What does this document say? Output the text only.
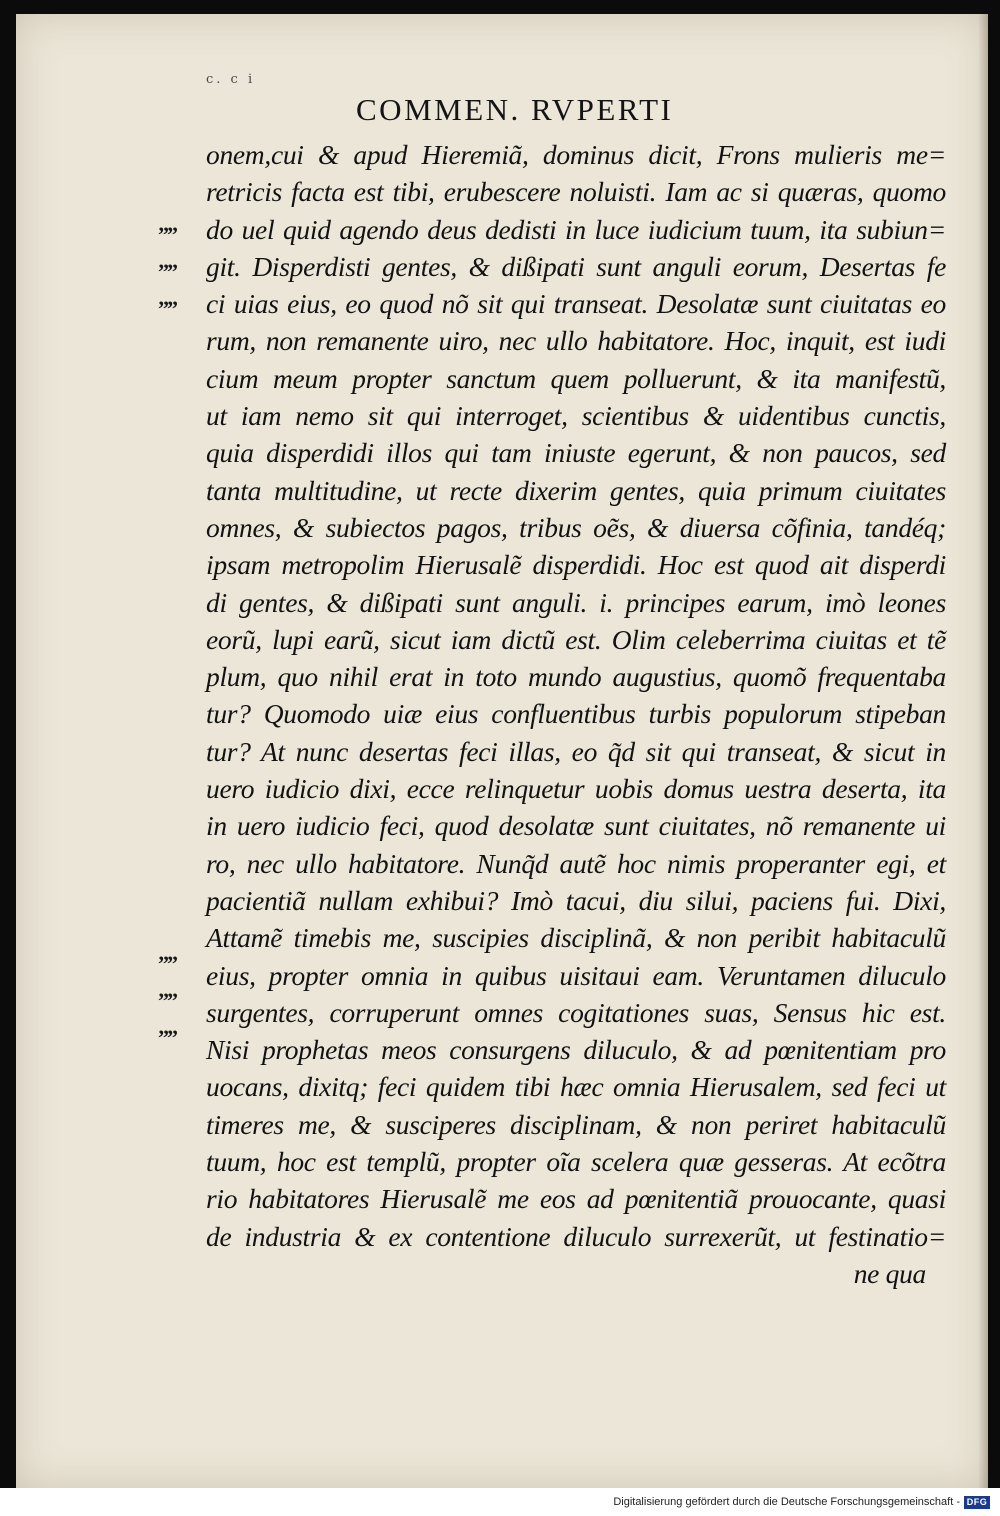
c. c i
COMMEN. RVPERTI
onem,cui & apud Hieremiã, dominus dicit, Frons mulieris me=
retricis facta est tibi, erubescere noluisti. Iam ac si quæras, quomo
do uel quid agendo deus dedisti in luce iudicium tuum, ita subiun=
git. Disperdisti gentes, & dißipati sunt anguli eorum, Desertas fe
ci uias eius, eo quod nõ sit qui transeat. Desolatæ sunt ciuitatas eo
rum, non remanente uiro, nec ullo habitatore. Hoc, inquit, est iudi
cium meum propter sanctum quem polluerunt, & ita manifestũ,
ut iam nemo sit qui interroget, scientibus & uidentibus cunctis,
quia disperdidi illos qui tam iniuste egerunt, & non paucos, sed
tanta multitudine, ut recte dixerim gentes, quia primum ciuitates
omnes, & subiectos pagos, tribus oẽs, & diuersa cõfinia, tandéq;
ipsam metropolim Hierusalẽ disperdidi. Hoc est quod ait disperdi
di gentes, & dißipati sunt anguli. i. principes earum, imò leones
eorũ, lupi earũ, sicut iam dictũ est. Olim celeberrima ciuitas et tẽ
plum, quo nihil erat in toto mundo augustius, quomõ frequentaba
tur? Quomodo uiæ eius confluentibus turbis populorum stipeban
tur? At nunc desertas feci illas, eo q̃d sit qui transeat, & sicut in
uero iudicio dixi, ecce relinquetur uobis domus uestra deserta, ita
in uero iudicio feci, quod desolatæ sunt ciuitates, nõ remanente ui
ro, nec ullo habitatore. Nunq̃d autẽ hoc nimis properanter egi, et
pacientiã nullam exhibui? Imò tacui, diu silui, paciens fui. Dixi,
Attamẽ timebis me, suscipies disciplinã, & non peribit habitaculũ
eius, propter omnia in quibus uisitaui eam. Veruntamen diluculo
surgentes, corruperunt omnes cogitationes suas, Sensus hic est.
Nisi prophetas meos consurgens diluculo, & ad pœnitentiam pro
uocans, dixitq; feci quidem tibi hæc omnia Hierusalem, sed feci ut
timeres me, & susciperes disciplinam, & non periret habitaculũ
tuum, hoc est templũ, propter oĩa scelera quæ gesseras. At ecõtra
rio habitatores Hierusalẽ me eos ad pœnitentiã prouocante, quasi
de industria & ex contentione diluculo surrexerũt, ut festinatio=
ne qua
””
””
””
””
””
””
Digitalisierung gefördert durch die Deutsche Forschungsgemeinschaft - DFG
